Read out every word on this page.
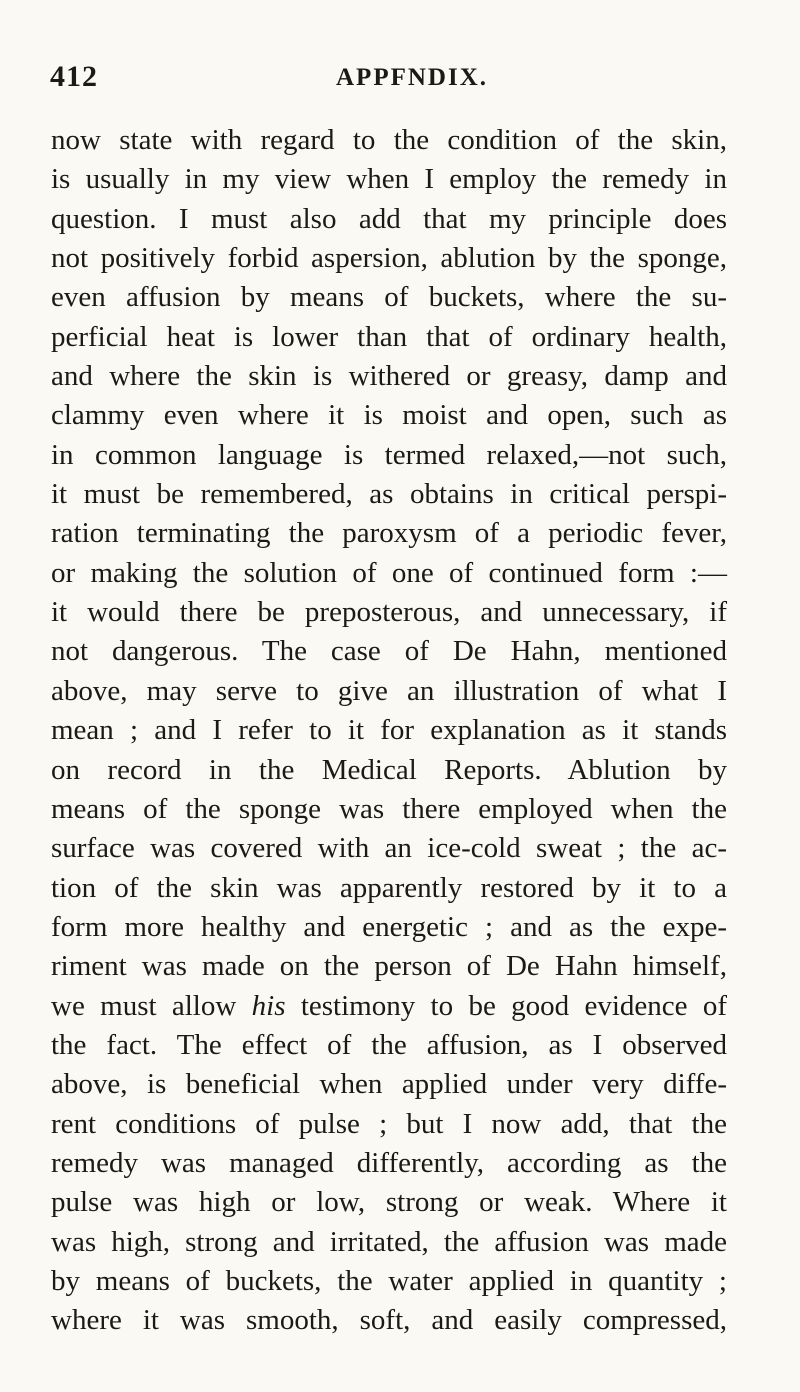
412	APPFNDIX.
now state with regard to the condition of the skin,
is usually in my view when I employ the remedy in
question. I must also add that my principle does
not positively forbid aspersion, ablution by the sponge,
even affusion by means of buckets, where the su-
perficial heat is lower than that of ordinary health,
and where the skin is withered or greasy, damp and
clammy even where it is moist and open, such as
in common language is termed relaxed,—not such,
it must be remembered, as obtains in critical perspi-
ration terminating the paroxysm of a periodic fever,
or making the solution of one of continued form :—
it would there be preposterous, and unnecessary, if
not dangerous. The case of De Hahn, mentioned
above, may serve to give an illustration of what I
mean ; and I refer to it for explanation as it stands
on record in the Medical Reports. Ablution by
means of the sponge was there employed when the
surface was covered with an ice-cold sweat ; the ac-
tion of the skin was apparently restored by it to a
form more healthy and energetic ; and as the expe-
riment was made on the person of De Hahn himself,
we must allow his testimony to be good evidence of
the fact. The effect of the affusion, as I observed
above, is beneficial when applied under very diffe-
rent conditions of pulse ; but I now add, that the
remedy was managed differently, according as the
pulse was high or low, strong or weak. Where it
was high, strong and irritated, the affusion was made
by means of buckets, the water applied in quantity ;
where it was smooth, soft, and easily compressed,
